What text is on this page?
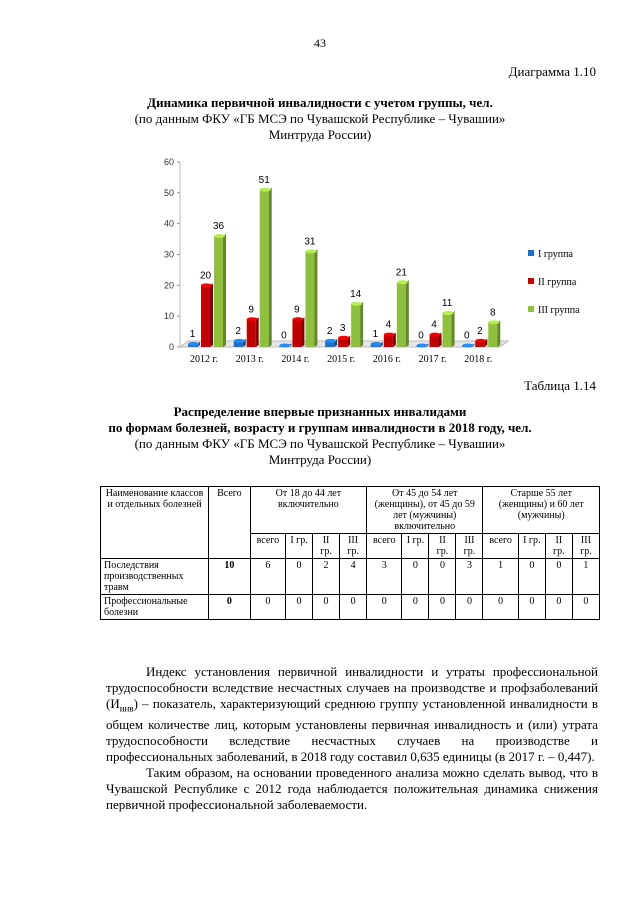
43
Диаграмма 1.10
Динамика первичной инвалидности с учетом группы, чел.
(по данным ФКУ «ГБ МСЭ по Чувашской Республике – Чувашии»
Минтруда России)
0
10
20
30
40
50
60
1
20
36
2012 г.
2
9
51
2013 г.
0
9
31
2014 г.
2 3
14
2015 г.
1
4
21
2016 г.
0
4
11
2017 г.
0 2
8
2018 г.
I группа
II группа
III группа
Таблица 1.14
Распределение впервые признанных инвалидами
по формам болезней, возрасту и группам инвалидности в 2018 году, чел.
(по данным ФКУ «ГБ МСЭ по Чувашской Республике – Чувашии»
Минтруда России)
Наименование классов и отдельных болезней	Всего	От 18 до 44 лет включительно				От 45 до 54 лет (женщины), от 45 до 59 лет (мужчины) включительно				Старше 55 лет (женщины) и 60 лет (мужчины)			
		всего	I гр.	II гр.	III гр.	всего	I гр.	II гр.	III гр.	всего	I гр.	II гр.	III гр.
Последствия производственных травм	10	6	0	2	4	3	0	0	3	1	0	0	1
Профессиональные болезни	0	0	0	0	0	0	0	0	0	0	0	0	0

Индекс установления первичной инвалидности и утраты профессиональной трудоспособности вследствие несчастных случаев на производстве и профзаболеваний $(И_{инв})$ – показатель, характеризующий среднюю группу установленной инвалидности в общем количестве лиц, которым установлены первичная инвалидность и (или) утрата трудоспособности вследствие несчастных случаев на производстве и профессиональных заболеваний, в 2018 году составил 0,635 единицы (в 2017 г. – 0,447).

Таким образом, на основании проведенного анализа можно сделать вывод, что в Чувашской Республике с 2012 года наблюдается положительная динамика снижения первичной профессиональной заболеваемости.
